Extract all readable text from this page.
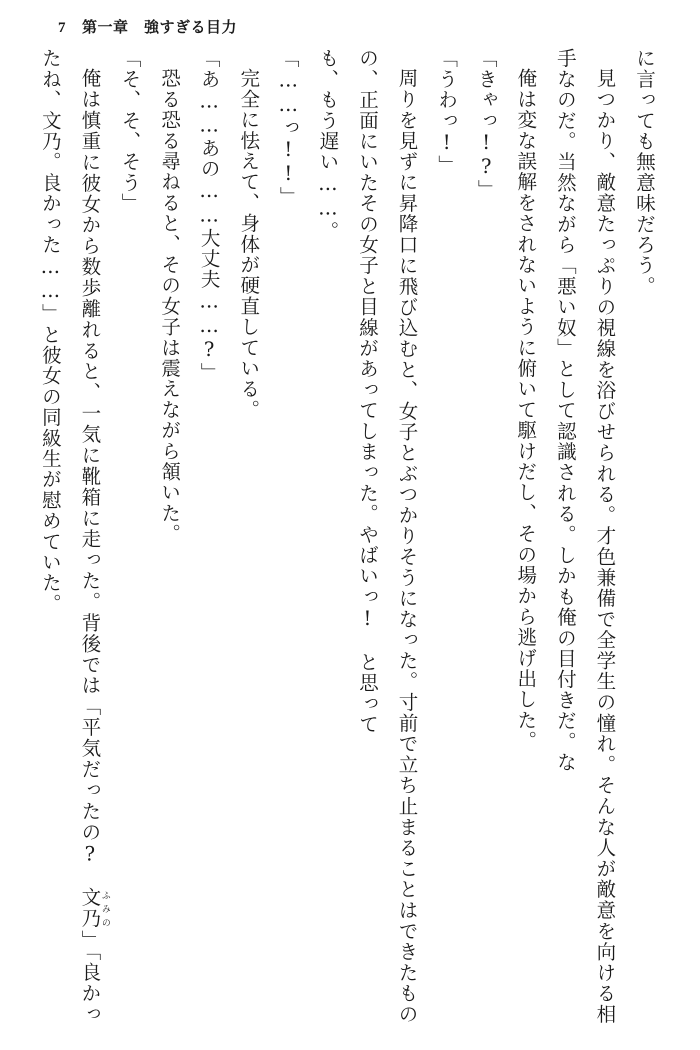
7 第一章　強すぎる目力

に言っても無意味だろう。

見つかり、敵意たっぷりの視線を浴びせられる。才色兼備で全学生の憧れ。そんな人が敵意を向ける相手なのだ。当然ながら「悪い奴」として認識される。しかも俺の目付きだ。な

俺は変な誤解をされないように俯いて駆けだし、その場から逃げ出した。

「きゃっ!?」

「うわっ!」

周りを見ずに昇降口に飛び込むと、女子とぶつかりそうになった。寸前で立ち止まることはできたものの、正面にいたその女子と目線があってしまった。やばいっ!　と思って

も、もう遅い……。

「……っ!!」

完全に怯えて、身体が硬直している。

「あ……あの……大丈夫……?」

恐る恐る尋ねると、その女子は震えながら頷いた。

「そ、そ、そう」

俺は慎重に彼女から数歩離れると、一気に靴箱に走った。背後では「平気だったの?　文乃ふみの」「良かったね、文乃。良かった……」と彼女の同級生が慰めていた。
